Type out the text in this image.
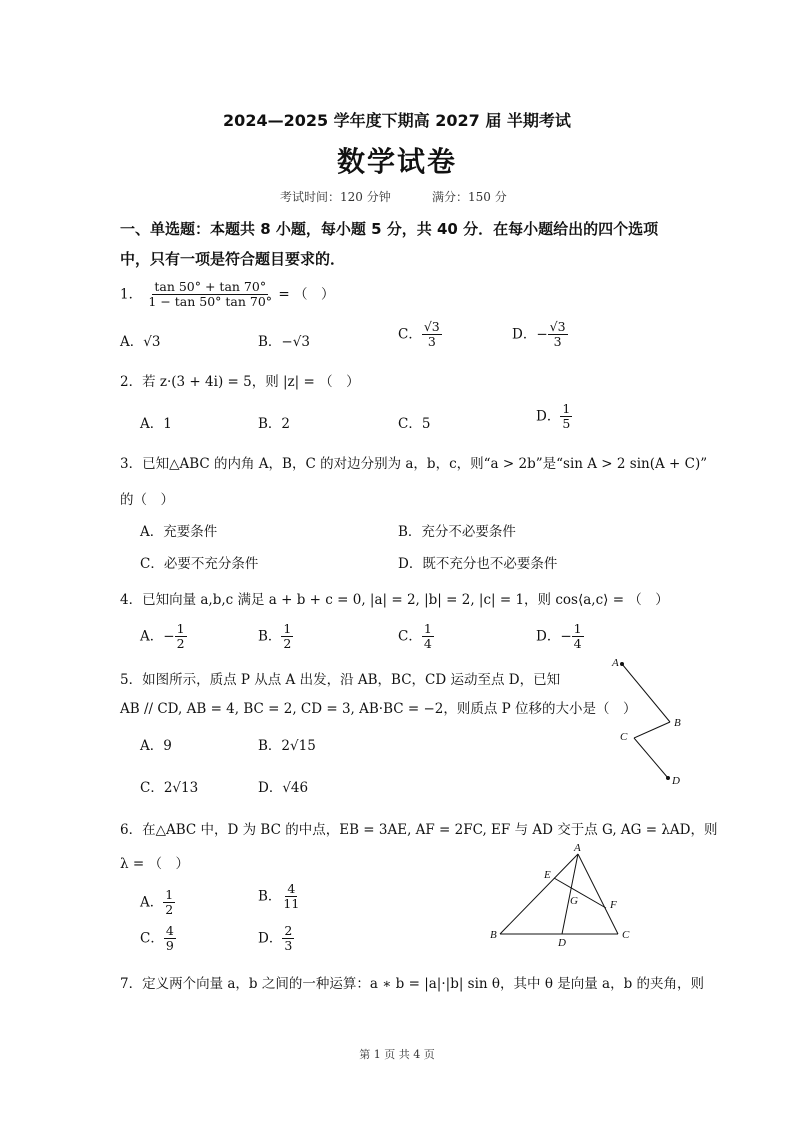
2024—2025 学年度下期高 2027 届 半期考试
数学试卷
考试时间：120 分钟	满分：150 分
一、单选题：本题共 8 小题，每小题 5 分，共 40 分．在每小题给出的四个选项
中，只有一项是符合题目要求的．
1． $\frac{\tan 50^\circ + \tan 70^\circ}{1 - \tan 50^\circ \tan 70^\circ}$ = （　）
A．√3	B．−√3	C． $\frac{√3}{3}$	D．− $\frac{√3}{3}$
2．若 z·(3 + 4i) = 5，则 |z| = （　）
A．1	B．2	C．5	D． $\frac{1}{5}$
3．已知△ABC 的内角 A，B，C 的对边分别为 a，b，c，则“a > 2b”是“sin A > 2 sin(A + C)”
的（　）
A．充要条件	B．充分不必要条件
C．必要不充分条件	D．既不充分也不必要条件
4．已知向量 a,b,c 满足 a + b + c = 0, |a| = 2, |b| = 2, |c| = 1，则 cos⟨a,c⟩ = （　）
A．− $\frac{1}{2}$	B． $\frac{1}{2}$	C． $\frac{1}{4}$	D．− $\frac{1}{4}$
5．如图所示，质点 P 从点 A 出发，沿 AB，BC，CD 运动至点 D，已知
AB // CD, AB = 4, BC = 2, CD = 3, AB·BC = −2，则质点 P 位移的大小是（　）
A．9	B．2√15
C．2√13	D．√46
A
B
C
D
6．在△ABC 中，D 为 BC 的中点，EB = 3AE, AF = 2FC, EF 与 AD 交于点 G, AG = λAD，则
λ = （　）
A． $\frac{1}{2}$	B． $\frac{4}{11}$
C． $\frac{4}{9}$	D． $\frac{2}{3}$
A
B	C
D
E
F
G
7．定义两个向量 a，b 之间的一种运算：a ∗ b = |a|·|b| sin θ，其中 θ 是向量 a，b 的夹角，则
第 1 页 共 4 页
